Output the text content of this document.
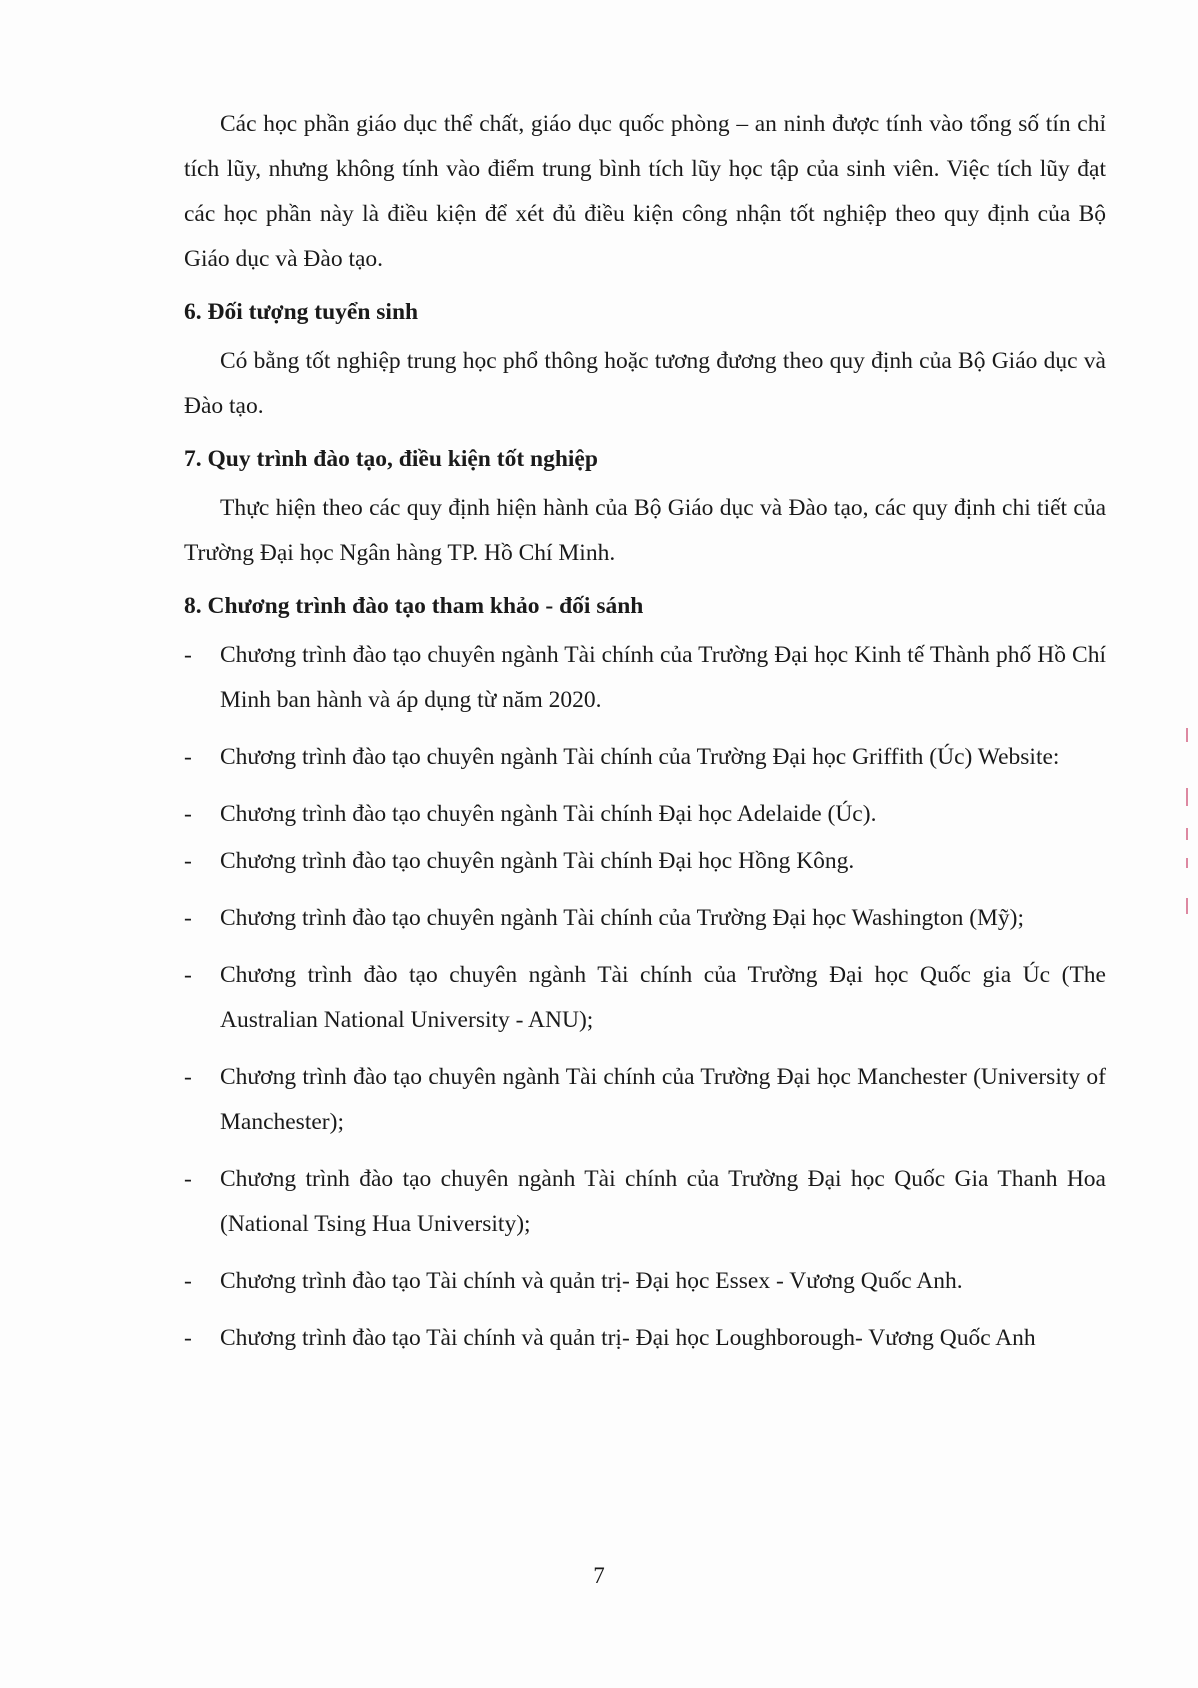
Các học phần giáo dục thể chất, giáo dục quốc phòng – an ninh được tính vào tổng số tín chỉ tích lũy, nhưng không tính vào điểm trung bình tích lũy học tập của sinh viên. Việc tích lũy đạt các học phần này là điều kiện để xét đủ điều kiện công nhận tốt nghiệp theo quy định của Bộ Giáo dục và Đào tạo.

6. Đối tượng tuyển sinh

Có bằng tốt nghiệp trung học phổ thông hoặc tương đương theo quy định của Bộ Giáo dục và Đào tạo.

7. Quy trình đào tạo, điều kiện tốt nghiệp

Thực hiện theo các quy định hiện hành của Bộ Giáo dục và Đào tạo, các quy định chi tiết của Trường Đại học Ngân hàng TP. Hồ Chí Minh.

8. Chương trình đào tạo tham khảo - đối sánh

- Chương trình đào tạo chuyên ngành Tài chính của Trường Đại học Kinh tế Thành phố Hồ Chí Minh ban hành và áp dụng từ năm 2020.
- Chương trình đào tạo chuyên ngành Tài chính của Trường Đại học Griffith (Úc) Website:
- Chương trình đào tạo chuyên ngành Tài chính Đại học Adelaide (Úc).
- Chương trình đào tạo chuyên ngành Tài chính Đại học Hồng Kông.
- Chương trình đào tạo chuyên ngành Tài chính của Trường Đại học Washington (Mỹ);
- Chương trình đào tạo chuyên ngành Tài chính của Trường Đại học Quốc gia Úc (The Australian National University - ANU);
- Chương trình đào tạo chuyên ngành Tài chính của Trường Đại học Manchester (University of Manchester);
- Chương trình đào tạo chuyên ngành Tài chính của Trường Đại học Quốc Gia Thanh Hoa (National Tsing Hua University);
- Chương trình đào tạo Tài chính và quản trị- Đại học Essex - Vương Quốc Anh.
- Chương trình đào tạo Tài chính và quản trị- Đại học Loughborough- Vương Quốc Anh
7
